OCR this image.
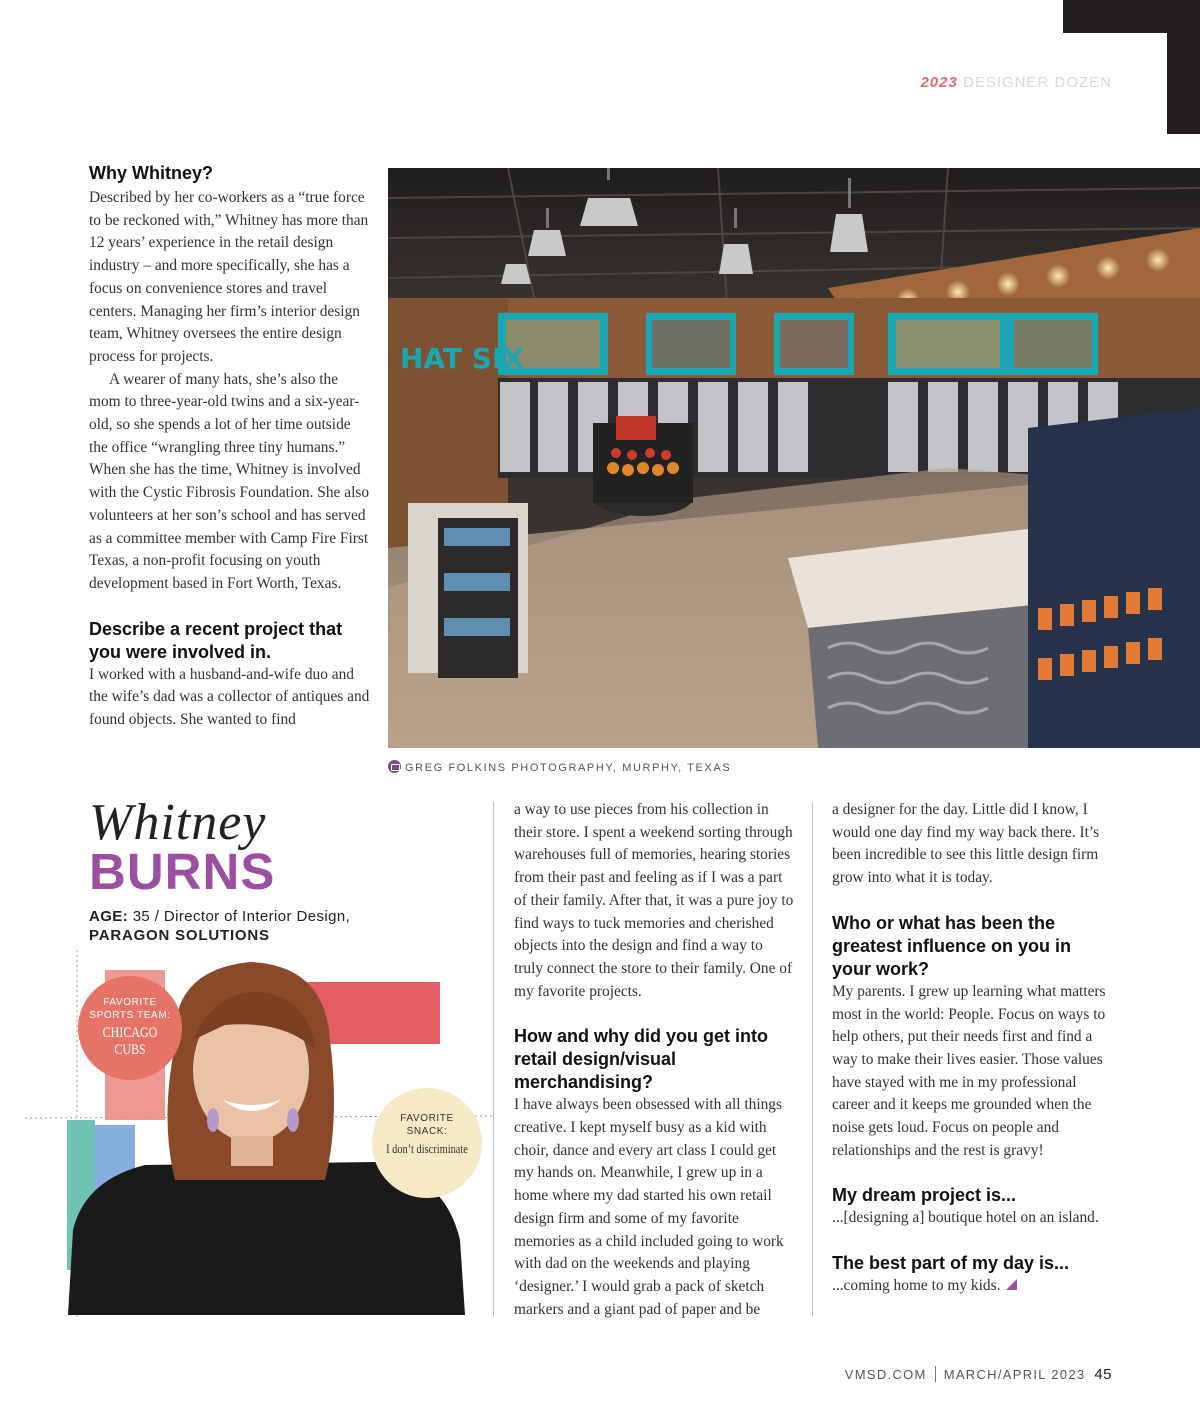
2023 DESIGNER DOZEN
Why Whitney?

Described by her co-workers as a “true force to be reckoned with,” Whitney has more than 12 years’ experience in the retail design industry – and more specifically, she has a focus on convenience stores and travel centers. Managing her firm’s interior design team, Whitney oversees the entire design process for projects.

A wearer of many hats, she’s also the mom to three-year-old twins and a six-year-old, so she spends a lot of her time outside the office “wrangling three tiny humans.” When she has the time, Whitney is involved with the Cystic Fibrosis Foundation. She also volunteers at her son’s school and has served as a committee member with Camp Fire First Texas, a non-profit focusing on youth development based in Fort Worth, Texas.

Describe a recent project that you were involved in.

I worked with a husband-and-wife duo and the wife’s dad was a collector of antiques and found objects. She wanted to find

HAT SIX
GREG FOLKINS PHOTOGRAPHY, MURPHY, TEXAS
Whitney
BURNS
AGE: 35 / Director of Interior Design,
PARAGON SOLUTIONS
FAVORITE
SPORTS TEAM:
CHICAGO CUBS
FAVORITE
SNACK:
I don’t discriminate

a way to use pieces from his collection in their store. I spent a weekend sorting through warehouses full of memories, hearing stories from their past and feeling as if I was a part of their family. After that, it was a pure joy to find ways to tuck memories and cherished objects into the design and find a way to truly connect the store to their family. One of my favorite projects.

How and why did you get into retail design/visual merchandising?

I have always been obsessed with all things creative. I kept myself busy as a kid with choir, dance and every art class I could get my hands on. Meanwhile, I grew up in a home where my dad started his own retail design firm and some of my favorite memories as a child included going to work with dad on the weekends and playing ‘designer.’ I would grab a pack of sketch markers and a giant pad of paper and be

a designer for the day. Little did I know, I would one day find my way back there. It’s been incredible to see this little design firm grow into what it is today.

Who or what has been the greatest influence on you in your work?

My parents. I grew up learning what matters most in the world: People. Focus on ways to help others, put their needs first and find a way to make their lives easier. Those values have stayed with me in my professional career and it keeps me grounded when the noise gets loud. Focus on people and relationships and the rest is gravy!

My dream project is...

...[designing a] boutique hotel on an island.

The best part of my day is...

...coming home to my kids.

VMSD.COM MARCH/APRIL 2023 45
